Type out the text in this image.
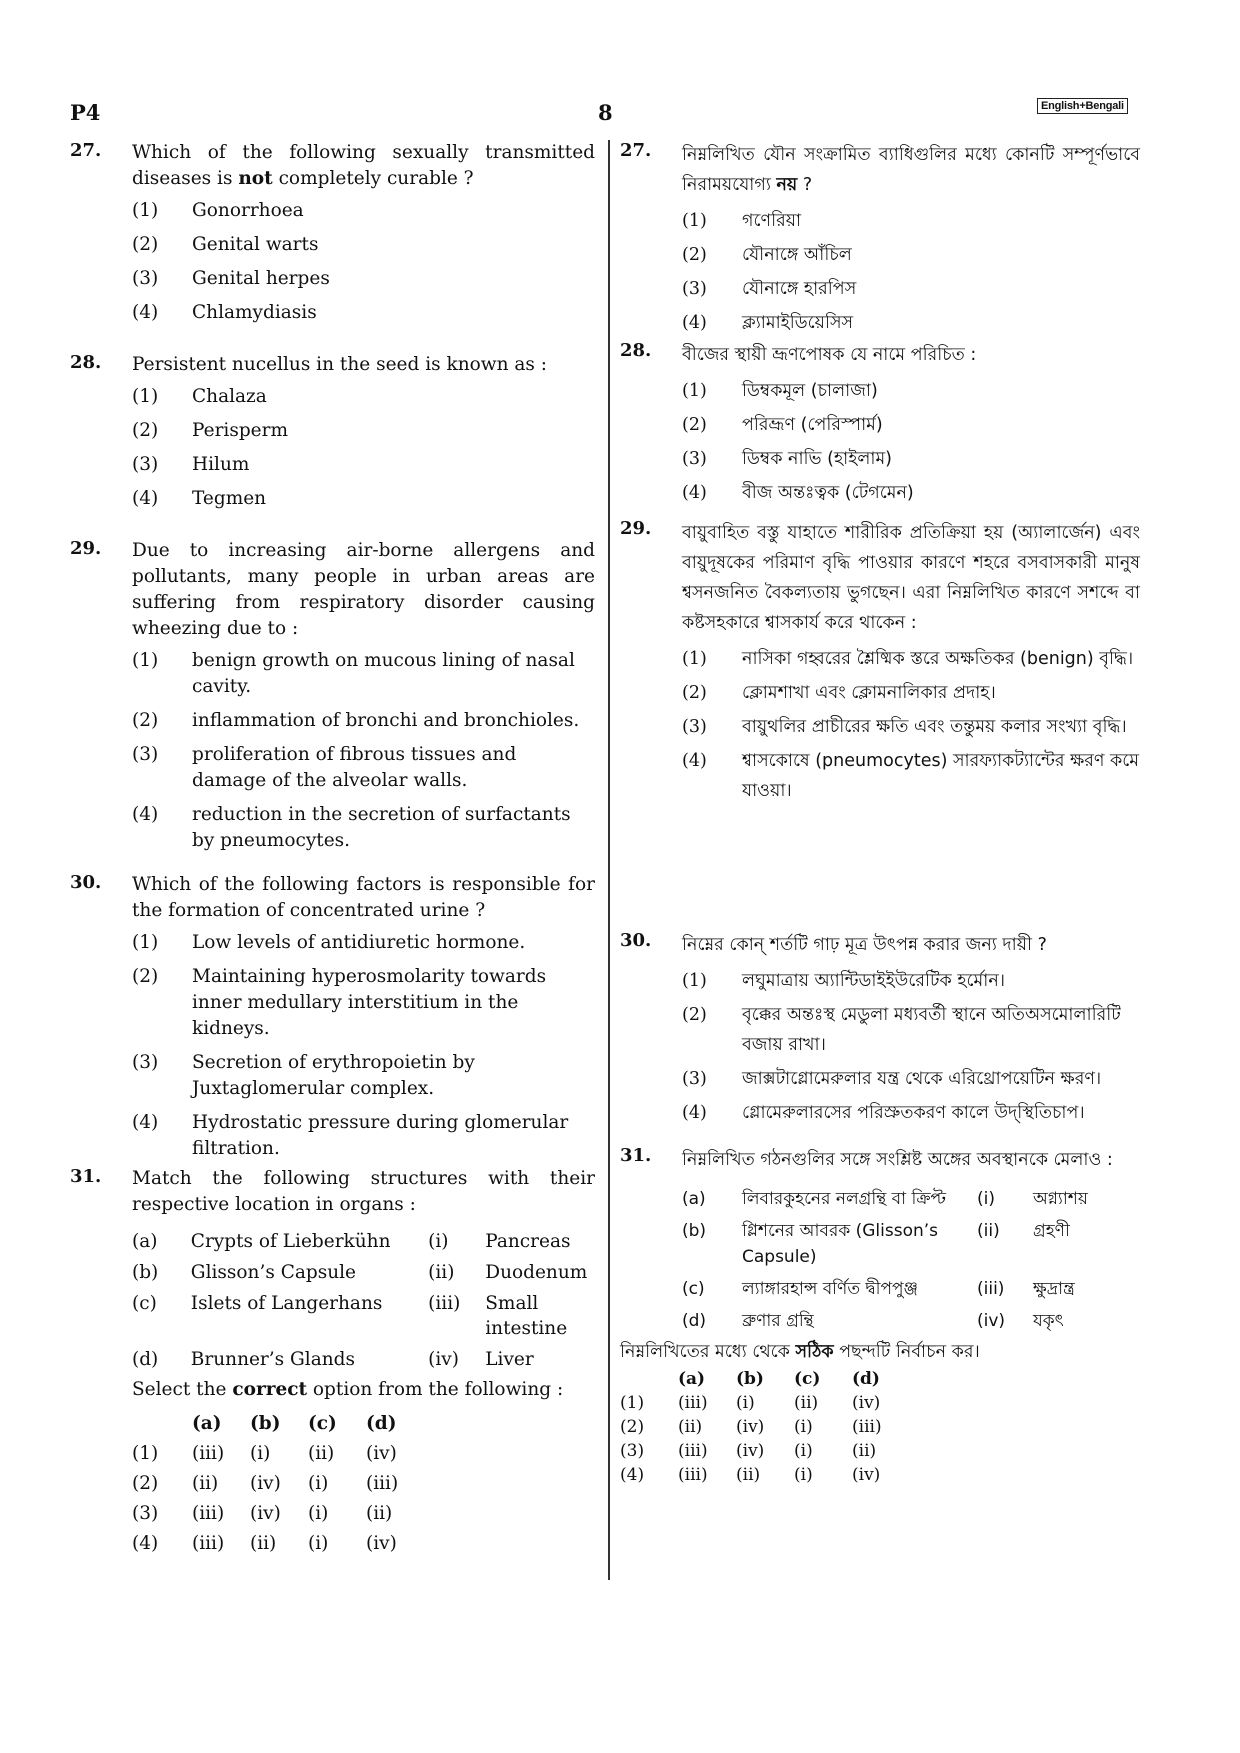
P4	8	English+Bengali
27. Which of the following sexually transmitted diseases is not completely curable ?
(1)	Gonorrhoea
(2)	Genital warts
(3)	Genital herpes
(4)	Chlamydiasis
28. Persistent nucellus in the seed is known as :
(1)	Chalaza
(2)	Perisperm
(3)	Hilum
(4)	Tegmen
29. Due to increasing air-borne allergens and pollutants, many people in urban areas are suffering from respiratory disorder causing wheezing due to :
(1)	benign growth on mucous lining of nasal cavity.
(2)	inflammation of bronchi and bronchioles.
(3)	proliferation of fibrous tissues and damage of the alveolar walls.
(4)	reduction in the secretion of surfactants by pneumocytes.
30. Which of the following factors is responsible for the formation of concentrated urine ?
(1)	Low levels of antidiuretic hormone.
(2)	Maintaining hyperosmolarity towards inner medullary interstitium in the kidneys.
(3)	Secretion of erythropoietin by Juxtaglomerular complex.
(4)	Hydrostatic pressure during glomerular filtration.
31. Match the following structures with their respective location in organs :
(a)	Crypts of Lieberkühn	(i)	Pancreas
(b)	Glisson’s Capsule	(ii)	Duodenum
(c)	Islets of Langerhans	(iii)	Small intestine
(d)	Brunner’s Glands	(iv)	Liver
Select the correct option from the following :
	(a)	(b)	(c)	(d)
(1)	(iii)	(i)	(ii)	(iv)
(2)	(ii)	(iv)	(i)	(iii)
(3)	(iii)	(iv)	(i)	(ii)
(4)	(iii)	(ii)	(i)	(iv)
27. নিম্নলিখিত যৌন সংক্রামিত ব্যাধিগুলির মধ্যে কোনটি সম্পূর্ণভাবে নিরাময়যোগ্য নয় ?
(1)	গণেরিয়া
(2)	যৌনাঙ্গে আঁচিল
(3)	যৌনাঙ্গে হারপিস
(4)	ক্ল্যামাইডিয়েসিস
28. বীজের স্থায়ী ভ্রূণপোষক যে নামে পরিচিত :
(1)	ডিম্বকমূল (চালাজা)
(2)	পরিভ্রূণ (পেরিস্পার্ম)
(3)	ডিম্বক নাভি (হাইলাম)
(4)	বীজ অন্তঃত্বক (টেগমেন)
29. বায়ুবাহিত বস্তু যাহাতে শারীরিক প্রতিক্রিয়া হয় (অ্যালার্জেন) এবং বায়ুদূষকের পরিমাণ বৃদ্ধি পাওয়ার কারণে শহরে বসবাসকারী মানুষ শ্বসনজনিত বৈকল্যতায় ভুগছেন। এরা নিম্নলিখিত কারণে সশব্দে বা কষ্টসহকারে শ্বাসকার্য করে থাকেন :
(1)	নাসিকা গহ্বরের শ্লৈষ্মিক স্তরে অক্ষতিকর (benign) বৃদ্ধি।
(2)	ক্লোমশাখা এবং ক্লোমনালিকার প্রদাহ।
(3)	বায়ুথলির প্রাচীরের ক্ষতি এবং তন্তুময় কলার সংখ্যা বৃদ্ধি।
(4)	শ্বাসকোষে (pneumocytes) সারফ্যাকট্যান্টের ক্ষরণ কমে যাওয়া।
30. নিম্নের কোন্ শর্তটি গাঢ় মূত্র উৎপন্ন করার জন্য দায়ী ?
(1)	লঘুমাত্রায় অ্যান্টিডাইইউরেটিক হর্মোন।
(2)	বৃক্কের অন্তঃস্থ মেডুলা মধ্যবর্তী স্থানে অতিঅসমোলারিটি বজায় রাখা।
(3)	জাক্সটাগ্লোমেরুলার যন্ত্র থেকে এরিথ্রোপয়েটিন ক্ষরণ।
(4)	গ্লোমেরুলারসের পরিস্রুতকরণ কালে উদ্‌স্থিতিচাপ।
31. নিম্নলিখিত গঠনগুলির সঙ্গে সংশ্লিষ্ট অঙ্গের অবস্থানকে মেলাও :
(a)	লিবারকুহনের নলগ্রন্থি বা ক্রিপ্ট	(i)	অগ্ন্যাশয়
(b)	গ্লিশনের আবরক (Glisson’s Capsule)	(ii)	গ্রহণী
(c)	ল্যাঙ্গারহান্স বর্ণিত দ্বীপপুঞ্জ	(iii)	ক্ষুদ্রান্ত্র
(d)	ব্রুণার গ্রন্থি	(iv)	যকৃৎ
নিম্নলিখিতের মধ্যে থেকে সঠিক পছন্দটি নির্বাচন কর।
	(a)	(b)	(c)	(d)
(1)	(iii)	(i)	(ii)	(iv)
(2)	(ii)	(iv)	(i)	(iii)
(3)	(iii)	(iv)	(i)	(ii)
(4)	(iii)	(ii)	(i)	(iv)
